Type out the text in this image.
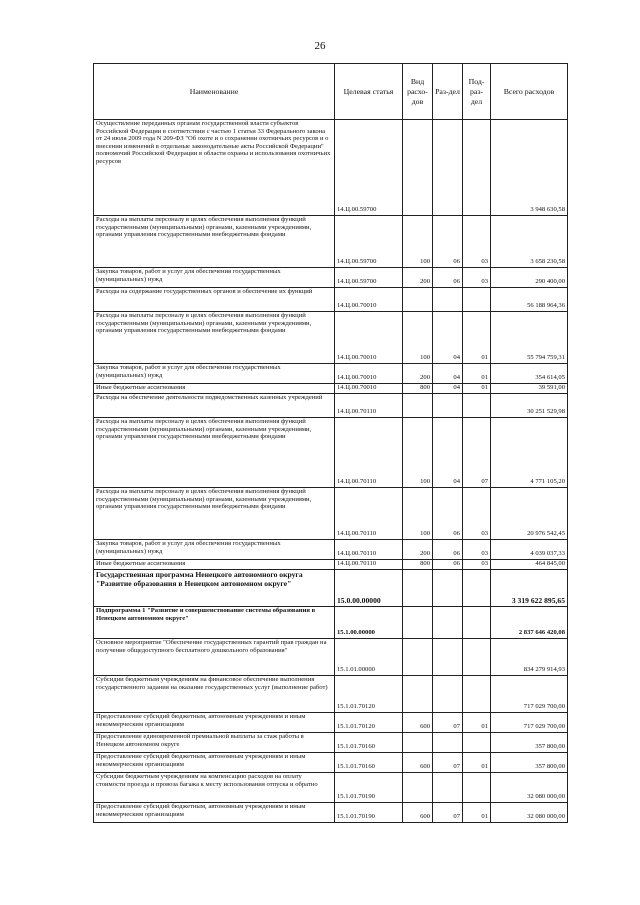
26
Наименование	Целевая статья	Вид расхо-дов	Раз-дел	Под-раз-дел	Всего расходов
Осуществление переданных органам государственной власти субъектов Российской Федерации в соответствии с частью 1 статьи 33 Федерального закона от 24 июля 2009 года N 209-ФЗ "Об охоте и о сохранении охотничьих ресурсов и о внесении изменений в отдельные законодательные акты Российской Федерации" полномочий Российской Федерации в области охраны и использования охотничьих ресурсов	14.Ц.00.59700				3 948 630,58
Расходы на выплаты персоналу в целях обеспечения выполнения функций государственными (муниципальными) органами, казенными учреждениями, органами управления государственными внебюджетными фондами	14.Ц.00.59700	100	06	03	3 658 230,58
Закупка товаров, работ и услуг для обеспечения государственных (муниципальных) нужд	14.Ц.00.59700	200	06	03	290 400,00
Расходы на содержание государственных органов и обеспечение их функций	14.Ц.00.70010				56 188 964,36
Расходы на выплаты персоналу в целях обеспечения выполнения функций государственными (муниципальными) органами, казенными учреждениями, органами управления государственными внебюджетными фондами	14.Ц.00.70010	100	04	01	55 794 759,31
Закупка товаров, работ и услуг для обеспечения государственных (муниципальных) нужд	14.Ц.00.70010	200	04	01	354 614,05
Иные бюджетные ассигнования	14.Ц.00.70010	800	04	01	39 591,00
Расходы на обеспечение деятельности подведомственных казенных учреждений	14.Ц.00.70110				30 251 529,98
Расходы на выплаты персоналу в целях обеспечения выполнения функций государственными (муниципальными) органами, казенными учреждениями, органами управления государственными внебюджетными фондами	14.Ц.00.70110	100	04	07	4 771 105,20
Расходы на выплаты персоналу в целях обеспечения выполнения функций государственными (муниципальными) органами, казенными учреждениями, органами управления государственными внебюджетными фондами	14.Ц.00.70110	100	06	03	20 976 542,45
Закупка товаров, работ и услуг для обеспечения государственных (муниципальных) нужд	14.Ц.00.70110	200	06	03	4 039 037,33
Иные бюджетные ассигнования	14.Ц.00.70110	800	06	03	464 845,00
Государственная программа Ненецкого автономного округа "Развитие образования в Ненецком автономном округе"	15.0.00.00000				3 319 622 895,65
Подпрограмма 1 "Развитие и совершенствование системы образования в Ненецком автономном округе"	15.1.00.00000				2 837 646 420,08
Основное мероприятие "Обеспечение государственных гарантий прав граждан на получение общедоступного бесплатного дошкольного образования"	15.1.01.00000				834 279 914,93
Субсидии бюджетным учреждениям на финансовое обеспечение выполнения государственного задания на оказание государственных услуг (выполнение работ)	15.1.01.70120				717 029 700,00
Предоставление субсидий бюджетным, автономным учреждениям и иным некоммерческим организациям	15.1.01.70120	600	07	01	717 029 700,00
Предоставление единовременной премиальной выплаты за стаж работы в Ненецком автономном округе	15.1.01.70160				357 800,00
Предоставление субсидий бюджетным, автономным учреждениям и иным некоммерческим организациям	15.1.01.70160	600	07	01	357 800,00
Субсидии бюджетным учреждениям на компенсацию расходов на оплату стоимости проезда и провоза багажа к месту использования отпуска и обратно	15.1.01.70190				32 080 000,00
Предоставление субсидий бюджетным, автономным учреждениям и иным некоммерческим организациям	15.1.01.70190	600	07	01	32 080 000,00
